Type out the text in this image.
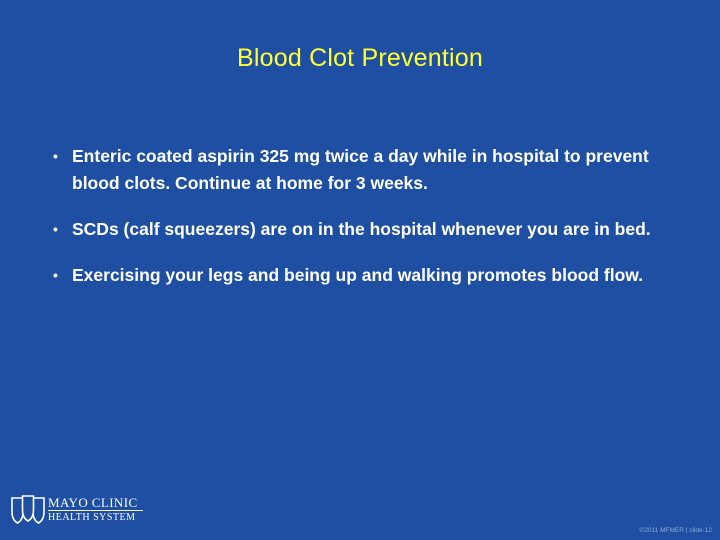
Blood Clot Prevention
• Enteric coated aspirin 325 mg twice a day while in hospital to prevent blood clots. Continue at home for 3 weeks.
• SCDs (calf squeezers) are on in the hospital whenever you are in bed.
• Exercising your legs and being up and walking promotes blood flow.
MAYO CLINIC
HEALTH SYSTEM
©2011 MFMER | slide-12
